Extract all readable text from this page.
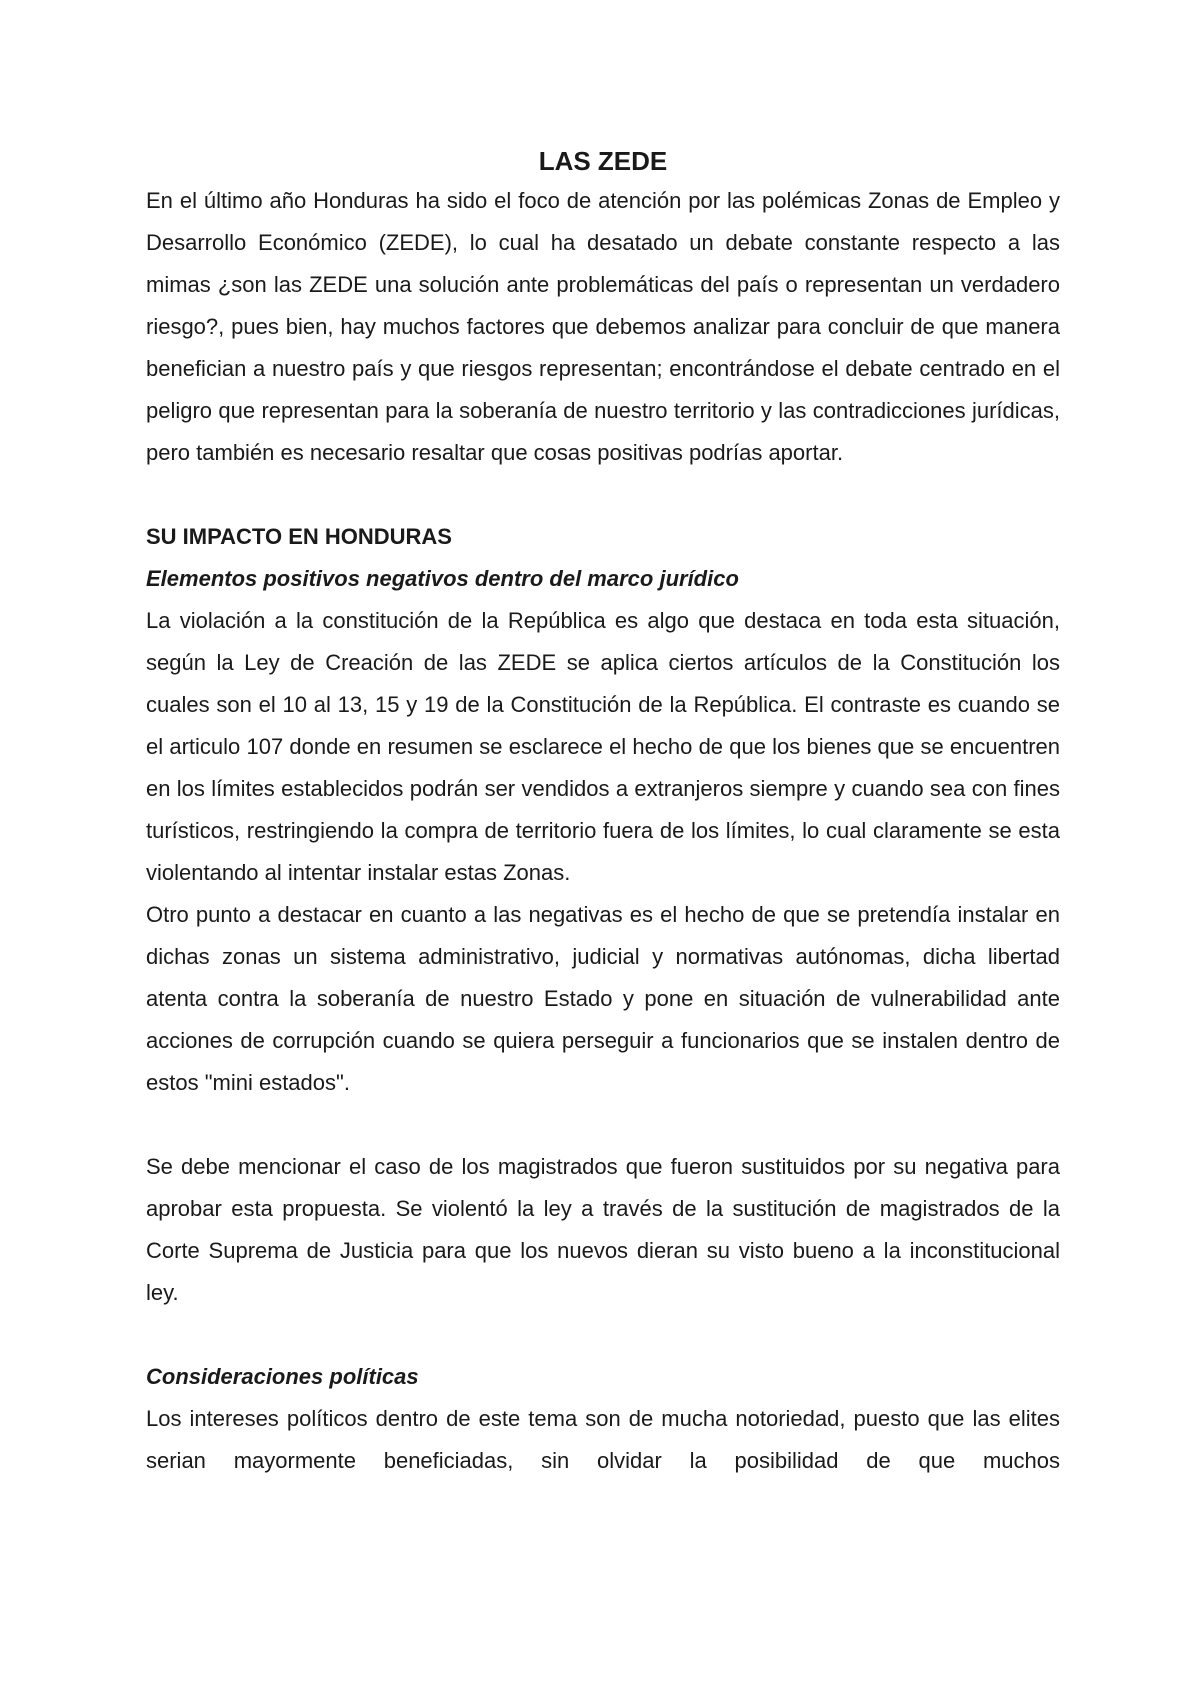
LAS ZEDE

En el último año Honduras ha sido el foco de atención por las polémicas Zonas de Empleo y Desarrollo Económico (ZEDE), lo cual ha desatado un debate constante respecto a las mimas ¿son las ZEDE una solución ante problemáticas del país o representan un verdadero riesgo?, pues bien, hay muchos factores que debemos analizar para concluir de que manera benefician a nuestro país y que riesgos representan; encontrándose el debate centrado en el peligro que representan para la soberanía de nuestro territorio y las contradicciones jurídicas, pero también es necesario resaltar que cosas positivas podrías aportar.

SU IMPACTO EN HONDURAS
Elementos positivos negativos dentro del marco jurídico

La violación a la constitución de la República es algo que destaca en toda esta situación, según la Ley de Creación de las ZEDE se aplica ciertos artículos de la Constitución los cuales son el 10 al 13, 15 y 19 de la Constitución de la República. El contraste es cuando se el articulo 107 donde en resumen se esclarece el hecho de que los bienes que se encuentren en los límites establecidos podrán ser vendidos a extranjeros siempre y cuando sea con fines turísticos, restringiendo la compra de territorio fuera de los límites, lo cual claramente se esta violentando al intentar instalar estas Zonas.

Otro punto a destacar en cuanto a las negativas es el hecho de que se pretendía instalar en dichas zonas un sistema administrativo, judicial y normativas autónomas, dicha libertad atenta contra la soberanía de nuestro Estado y pone en situación de vulnerabilidad ante acciones de corrupción cuando se quiera perseguir a funcionarios que se instalen dentro de estos "mini estados".

Se debe mencionar el caso de los magistrados que fueron sustituidos por su negativa para aprobar esta propuesta. Se violentó la ley a través de la sustitución de magistrados de la Corte Suprema de Justicia para que los nuevos dieran su visto bueno a la inconstitucional ley.

Consideraciones políticas

Los intereses políticos dentro de este tema son de mucha notoriedad, puesto que las elites serian mayormente beneficiadas, sin olvidar la posibilidad de que muchos
